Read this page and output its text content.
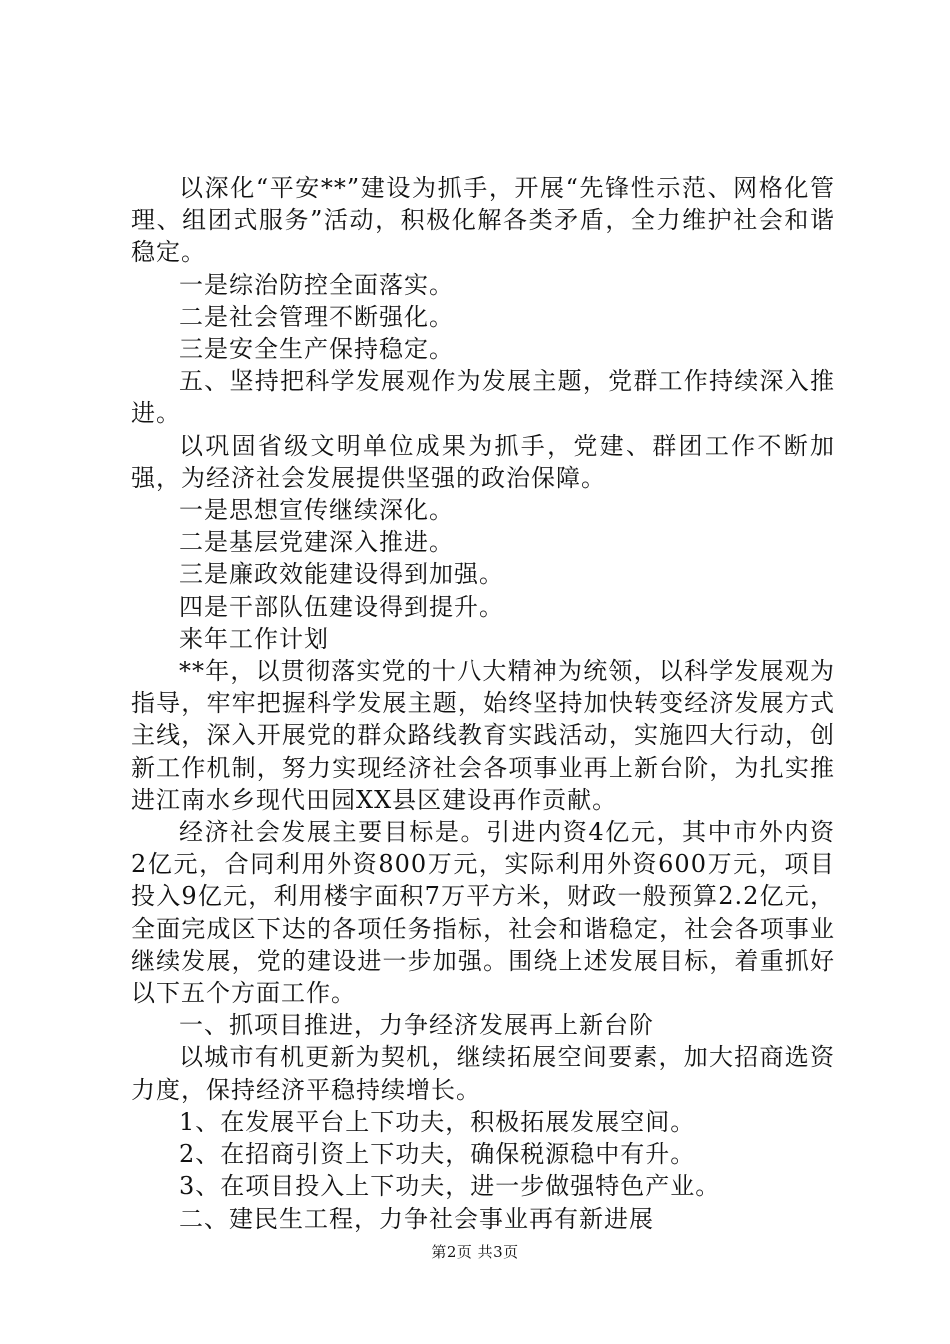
以深化“平安**”建设为抓手，开展“先锋性示范、网格化管理、组团式服务”活动，积极化解各类矛盾，全力维护社会和谐稳定。

一是综治防控全面落实。

二是社会管理不断强化。

三是安全生产保持稳定。

五、坚持把科学发展观作为发展主题，党群工作持续深入推进。

以巩固省级文明单位成果为抓手，党建、群团工作不断加强，为经济社会发展提供坚强的政治保障。

一是思想宣传继续深化。

二是基层党建深入推进。

三是廉政效能建设得到加强。

四是干部队伍建设得到提升。

来年工作计划

**年，以贯彻落实党的十八大精神为统领，以科学发展观为指导，牢牢把握科学发展主题，始终坚持加快转变经济发展方式主线，深入开展党的群众路线教育实践活动，实施四大行动，创新工作机制，努力实现经济社会各项事业再上新台阶，为扎实推进江南水乡现代田园XX县区建设再作贡献。

经济社会发展主要目标是。引进内资4亿元，其中市外内资2亿元，合同利用外资800万元，实际利用外资600万元，项目投入9亿元，利用楼宇面积7万平方米，财政一般预算2.2亿元，全面完成区下达的各项任务指标，社会和谐稳定，社会各项事业继续发展，党的建设进一步加强。围绕上述发展目标，着重抓好以下五个方面工作。

一、抓项目推进，力争经济发展再上新台阶

以城市有机更新为契机，继续拓展空间要素，加大招商选资力度，保持经济平稳持续增长。

1、在发展平台上下功夫，积极拓展发展空间。

2、在招商引资上下功夫，确保税源稳中有升。

3、在项目投入上下功夫，进一步做强特色产业。

二、建民生工程，力争社会事业再有新进展

第2页 共3页
